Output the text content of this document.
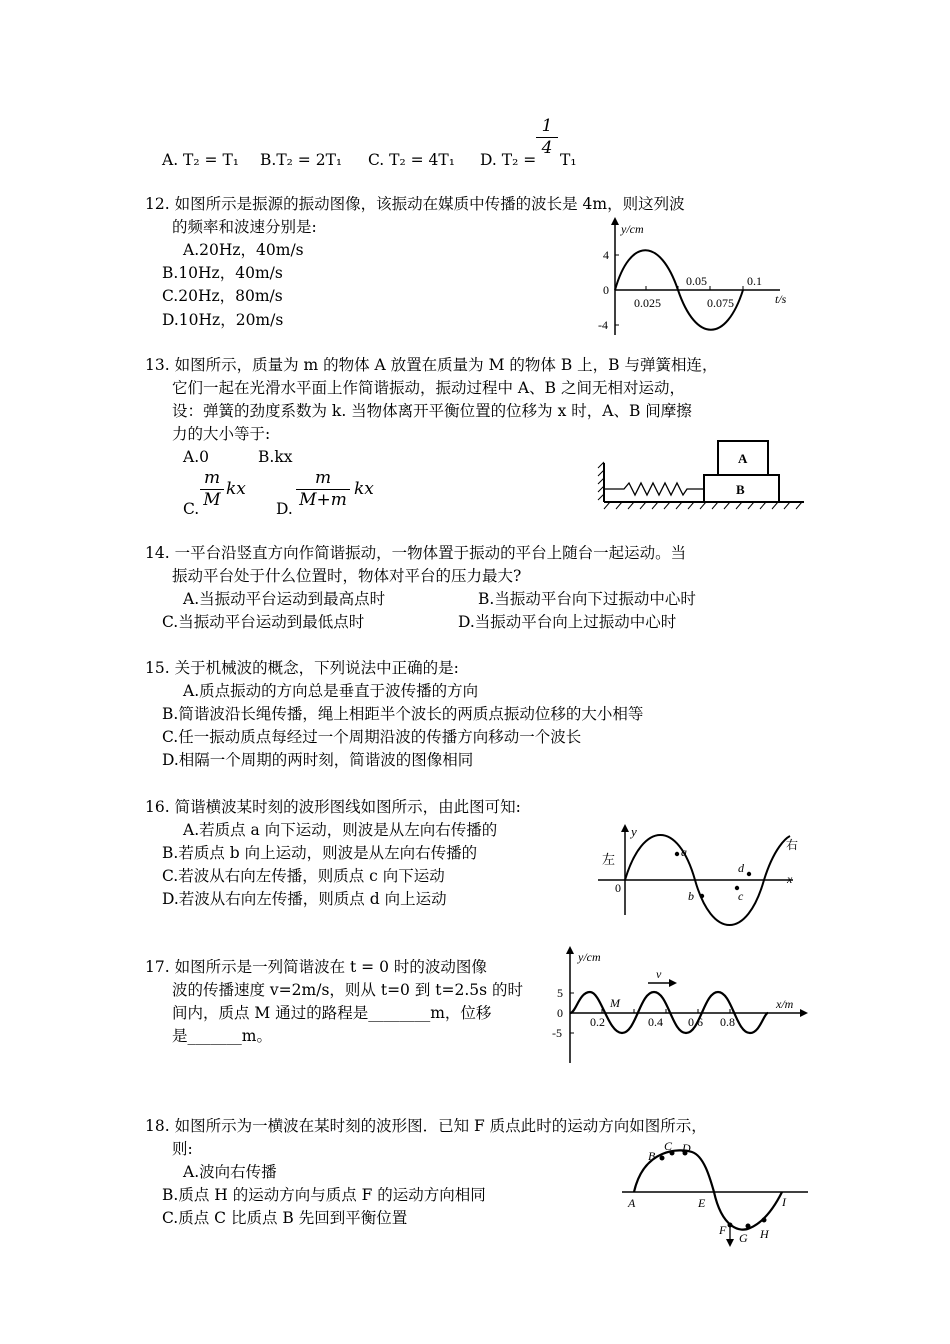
$\frac{1}{4}$
A. T₂ = T₁ B.T₂ = 2T₁ C. T₂ = 4T₁ D. T₂ = T₁
12. 如图所示是振源的振动图像，该振动在媒质中传播的波长是 4m，则这列波
的频率和波速分别是:
A.20Hz，40m/s
B.10Hz，40m/s
C.20Hz，80m/s
D.10Hz，20m/s
y/cm
4
0
-4
0.025
0.05
0.075
0.1
t/s
13. 如图所示，质量为 m 的物体 A 放置在质量为 M 的物体 B 上，B 与弹簧相连，
它们一起在光滑水平面上作简谐振动，振动过程中 A、B 之间无相对运动，
设：弹簧的劲度系数为 k. 当物体离开平衡位置的位移为 x 时，A、B 间摩擦
力的大小等于:
A.0	B.kx
C. $\frac{m}{M}$ kx
D. $\frac{m}{M+m}$ kx
A
B
14. 一平台沿竖直方向作简谐振动，一物体置于振动的平台上随台一起运动。当
振动平台处于什么位置时，物体对平台的压力最大?
A.当振动平台运动到最高点时	B.当振动平台向下过振动中心时
C.当振动平台运动到最低点时	D.当振动平台向上过振动中心时
15. 关于机械波的概念，下列说法中正确的是:
A.质点振动的方向总是垂直于波传播的方向
B.简谐波沿长绳传播，绳上相距半个波长的两质点振动位移的大小相等
C.任一振动质点每经过一个周期沿波的传播方向移动一个波长
D.相隔一个周期的两时刻，简谐波的图像相同
16. 简谐横波某时刻的波形图线如图所示，由此图可知:
A.若质点 a 向下运动，则波是从左向右传播的
B.若质点 b 向上运动，则波是从左向右传播的
C.若波从右向左传播，则质点 c 向下运动
D.若波从右向左传播，则质点 d 向上运动
y
左
右
0
x
a
b	c
d
17. 如图所示是一列简谐波在 t = 0 时的波动图像
波的传播速度 v=2m/s，则从 t=0 到 t=2.5s 的时
间内，质点 M 通过的路程是________m，位移
是_______m。
y/cm
5
0
-5
M
v
0.2	0.4 0.6 0.8
x/m
18. 如图所示为一横波在某时刻的波形图．已知 F 质点此时的运动方向如图所示，
则:
A.波向右传播
B.质点 H 的运动方向与质点 F 的运动方向相同
C.质点 C 比质点 B 先回到平衡位置
A
B
C D
E
F
G H
I
